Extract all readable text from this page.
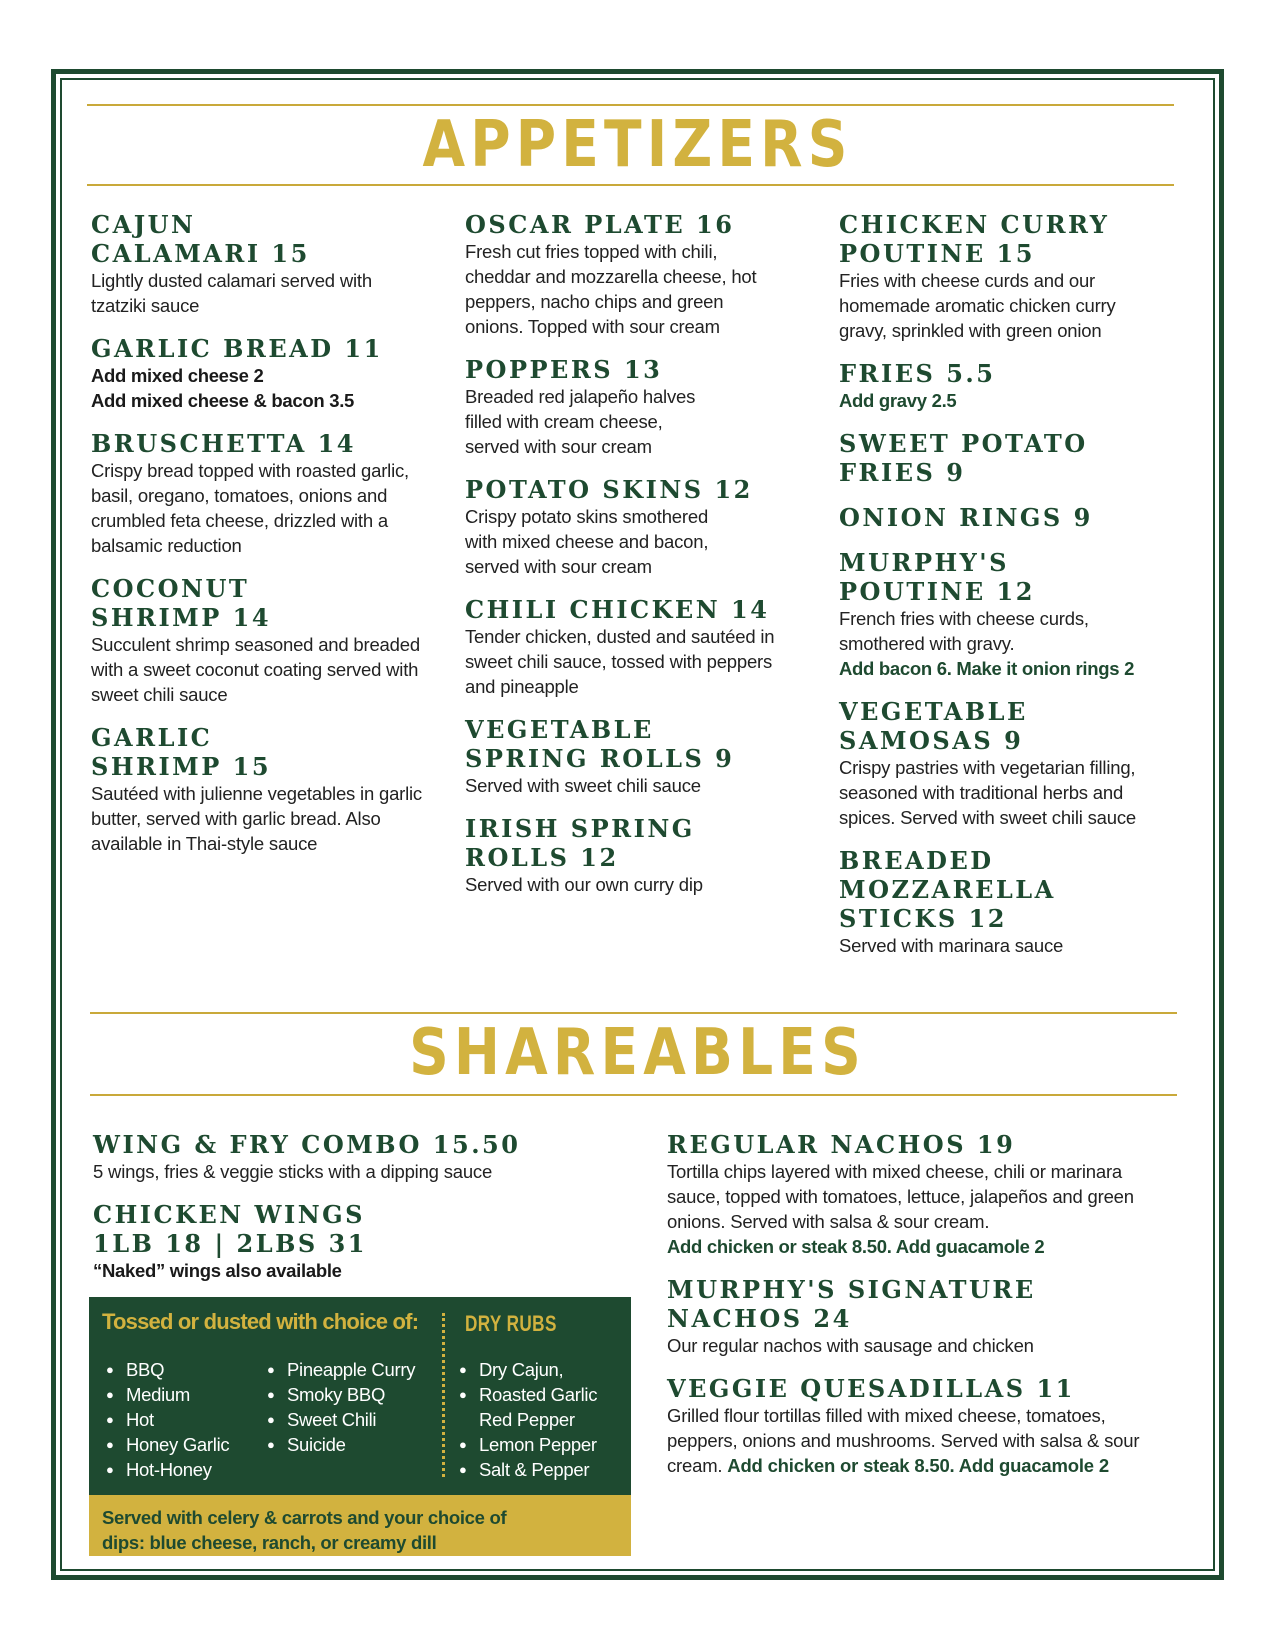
APPETIZERS
CAJUN
CALAMARI 15
Lightly dusted calamari served with tzatziki sauce
GARLIC BREAD 11
Add mixed cheese 2
Add mixed cheese & bacon 3.5
BRUSCHETTA 14
Crispy bread topped with roasted garlic, basil, oregano, tomatoes, onions and crumbled feta cheese, drizzled with a balsamic reduction
COCONUT
SHRIMP 14
Succulent shrimp seasoned and breaded with a sweet coconut coating served with sweet chili sauce
GARLIC
SHRIMP 15
Sautéed with julienne vegetables in garlic butter, served with garlic bread. Also available in Thai-style sauce
OSCAR PLATE 16
Fresh cut fries topped with chili, cheddar and mozzarella cheese, hot peppers, nacho chips and green onions. Topped with sour cream
POPPERS 13
Breaded red jalapeño halves filled with cream cheese, served with sour cream
POTATO SKINS 12
Crispy potato skins smothered with mixed cheese and bacon, served with sour cream
CHILI CHICKEN 14
Tender chicken, dusted and sautéed in sweet chili sauce, tossed with peppers and pineapple
VEGETABLE
SPRING ROLLS 9
Served with sweet chili sauce
IRISH SPRING
ROLLS 12
Served with our own curry dip
CHICKEN CURRY
POUTINE 15
Fries with cheese curds and our homemade aromatic chicken curry gravy, sprinkled with green onion
FRIES 5.5
Add gravy 2.5
SWEET POTATO
FRIES 9
ONION RINGS 9
MURPHY'S
POUTINE 12
French fries with cheese curds, smothered with gravy.
Add bacon 6. Make it onion rings 2
VEGETABLE
SAMOSAS 9
Crispy pastries with vegetarian filling, seasoned with traditional herbs and spices. Served with sweet chili sauce
BREADED
MOZZARELLA
STICKS 12
Served with marinara sauce
SHAREABLES
WING & FRY COMBO 15.50
5 wings, fries & veggie sticks with a dipping sauce
CHICKEN WINGS
1LB 18 | 2LBS 31
“Naked” wings also available
Tossed or dusted with choice of: DRY RUBS
● BBQ
● Medium
● Hot
● Honey Garlic
● Hot-Honey
● Pineapple Curry
● Smoky BBQ
● Sweet Chili
● Suicide
● Dry Cajun,
● Roasted Garlic
Red Pepper
● Lemon Pepper
● Salt & Pepper
Served with celery & carrots and your choice of dips: blue cheese, ranch, or creamy dill
REGULAR NACHOS 19
Tortilla chips layered with mixed cheese, chili or marinara sauce, topped with tomatoes, lettuce, jalapeños and green onions. Served with salsa & sour cream.
Add chicken or steak 8.50. Add guacamole 2
MURPHY'S SIGNATURE
NACHOS 24
Our regular nachos with sausage and chicken
VEGGIE QUESADILLAS 11
Grilled flour tortillas filled with mixed cheese, tomatoes, peppers, onions and mushrooms. Served with salsa & sour cream. Add chicken or steak 8.50. Add guacamole 2
